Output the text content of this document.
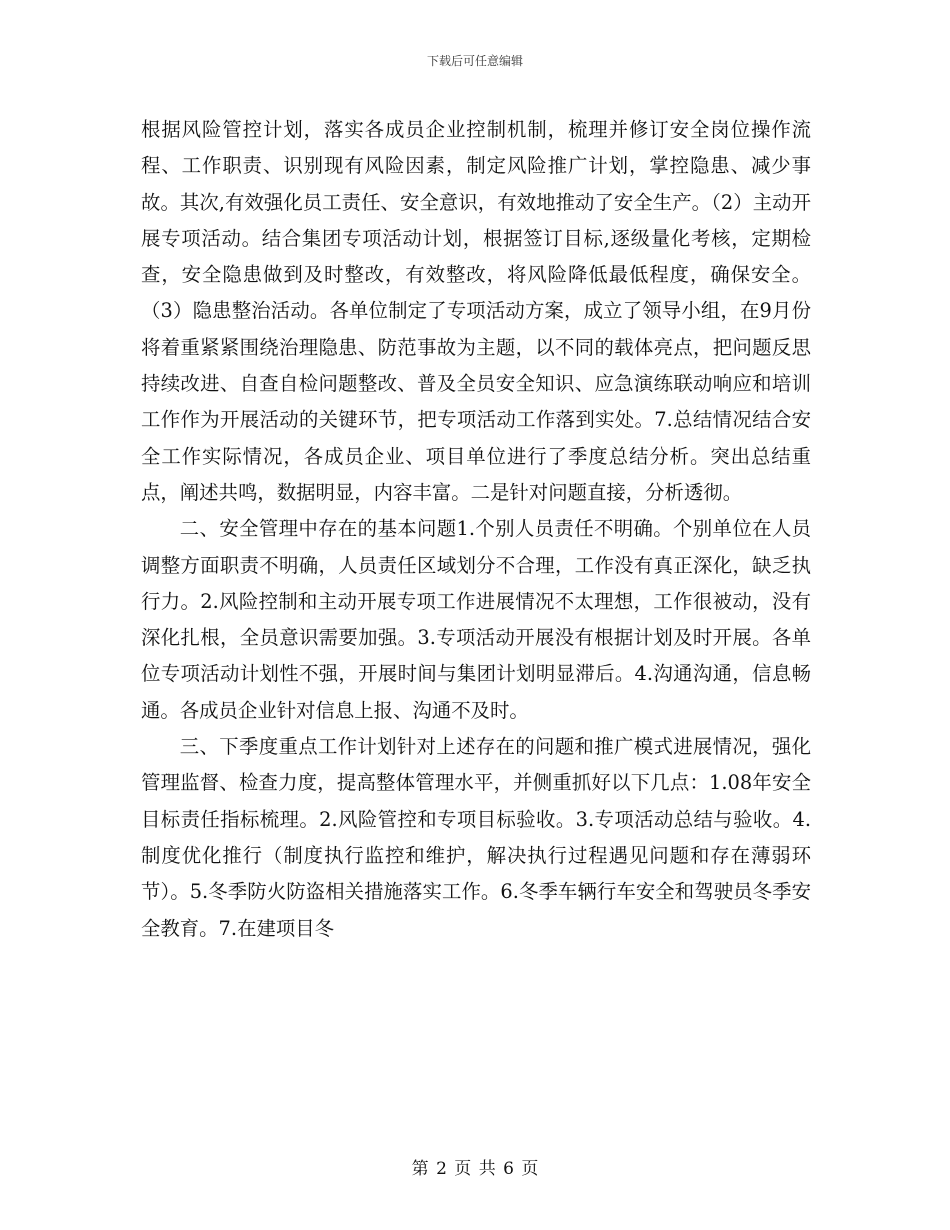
下载后可任意编辑

根据风险管控计划，落实各成员企业控制机制，梳理并修订安全岗位操作流程、工作职责、识别现有风险因素，制定风险推广计划，掌控隐患、减少事故。其次,有效强化员工责任、安全意识，有效地推动了安全生产。（2）主动开展专项活动。结合集团专项活动计划，根据签订目标,逐级量化考核，定期检查，安全隐患做到及时整改，有效整改，将风险降低最低程度，确保安全。（3）隐患整治活动。各单位制定了专项活动方案，成立了领导小组，在9月份将着重紧紧围绕治理隐患、防范事故为主题，以不同的载体亮点，把问题反思持续改进、自查自检问题整改、普及全员安全知识、应急演练联动响应和培训工作作为开展活动的关键环节，把专项活动工作落到实处。7.总结情况结合安全工作实际情况，各成员企业、项目单位进行了季度总结分析。突出总结重点，阐述共鸣，数据明显，内容丰富。二是针对问题直接，分析透彻。

二、安全管理中存在的基本问题1.个别人员责任不明确。个别单位在人员调整方面职责不明确，人员责任区域划分不合理，工作没有真正深化，缺乏执行力。2.风险控制和主动开展专项工作进展情况不太理想，工作很被动，没有深化扎根，全员意识需要加强。3.专项活动开展没有根据计划及时开展。各单位专项活动计划性不强，开展时间与集团计划明显滞后。4.沟通沟通，信息畅通。各成员企业针对信息上报、沟通不及时。

三、下季度重点工作计划针对上述存在的问题和推广模式进展情况，强化管理监督、检查力度，提高整体管理水平，并侧重抓好以下几点：1.08年安全目标责任指标梳理。2.风险管控和专项目标验收。3.专项活动总结与验收。4.制度优化推行（制度执行监控和维护，解决执行过程遇见问题和存在薄弱环节）。5.冬季防火防盗相关措施落实工作。6.冬季车辆行车安全和驾驶员冬季安全教育。7.在建项目冬

第 2 页 共 6 页
